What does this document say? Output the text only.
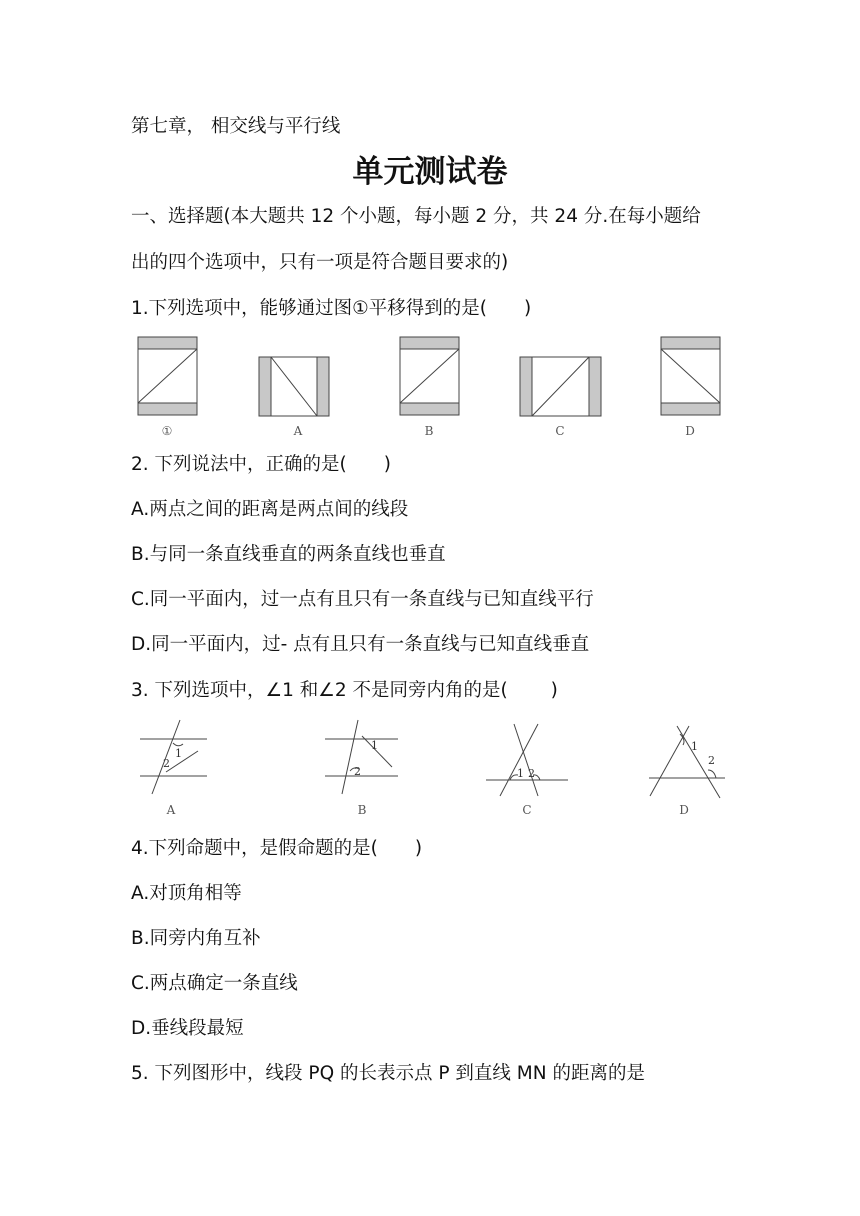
第七章， 相交线与平行线
单元测试卷
一、选择题(本大题共 12 个小题，每小题 2 分，共 24 分.在每小题给
出的四个选项中，只有一项是符合题目要求的)
1.下列选项中，能够通过图①平移得到的是(　　)
①	A	B	C	D
2. 下列说法中，正确的是(　　)
A.两点之间的距离是两点间的线段
B.与同一条直线垂直的两条直线也垂直
C.同一平面内，过一点有且只有一条直线与已知直线平行
D.同一平面内，过- 点有且只有一条直线与已知直线垂直
3. 下列选项中，∠1 和∠2 不是同旁内角的是(　　 )
1
2
A
1
2
B
1 2
C
1
2
D
4.下列命题中，是假命题的是(　　)
A.对顶角相等
B.同旁内角互补
C.两点确定一条直线
D.垂线段最短
5. 下列图形中，线段 PQ 的长表示点 P 到直线 MN 的距离的是
